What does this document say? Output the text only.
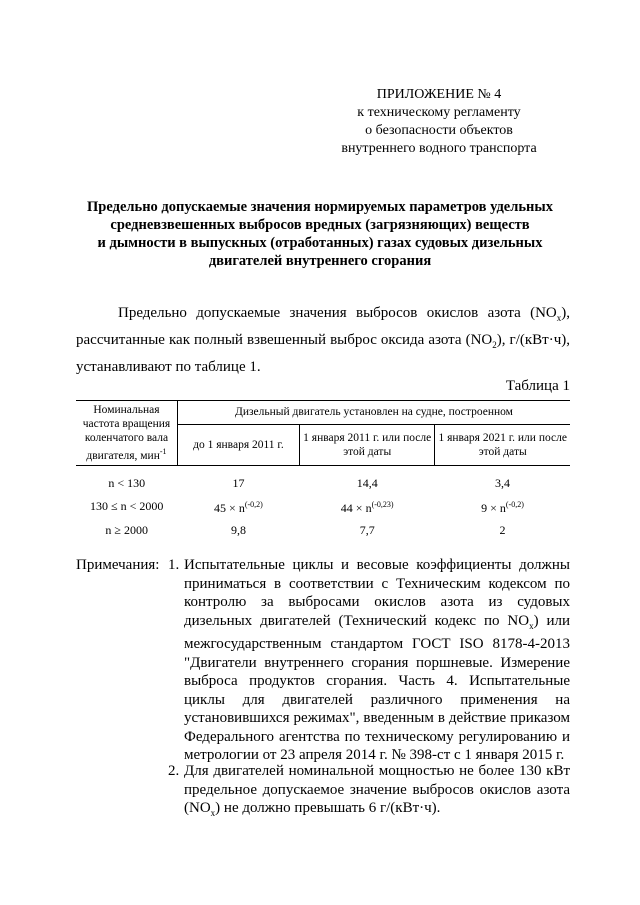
ПРИЛОЖЕНИЕ № 4
к техническому регламенту
о безопасности объектов
внутреннего водного транспорта
Предельно допускаемые значения нормируемых параметров удельных
средневзвешенных выбросов вредных (загрязняющих) веществ
и дымности в выпускных (отработанных) газах судовых дизельных
двигателей внутреннего сгорания

Предельно допускаемые значения выбросов окислов азота $(NO_x)$, рассчитанные как полный взвешенный выброс оксида азота $(NO_2)$, г/(кВт·ч), устанавливают по таблице 1.

Таблица 1
Номинальная частота вращения коленчатого вала двигателя, мин$^{-1}$	Дизельный двигатель установлен на судне, построенном		
	до 1 января 2011 г.	1 января 2011 г. или после этой даты	1 января 2021 г. или после этой даты
n < 130	17	14,4	3,4
130 ≤ n < 2000	$45 \times n^{(-0,2)}$	$44 \times n^{(-0,23)}$	$9 \times n^{(-0,2)}$
n ≥ 2000	9,8	7,7	2
Примечания: 1. Испытательные циклы и весовые коэффициенты должны приниматься в соответствии с Техническим кодексом по контролю за выбросами окислов азота из судовых дизельных двигателей (Технический кодекс по $NO_x$) или межгосударственным стандартом ГОСТ ISO 8178-4-2013 "Двигатели внутреннего сгорания поршневые. Измерение выброса продуктов сгорания. Часть 4. Испытательные циклы для двигателей различного применения на установившихся режимах", введенным в действие приказом Федерального агентства по техническому регулированию и метрологии от 23 апреля 2014 г. № 398-ст с 1 января 2015 г.
2. Для двигателей номинальной мощностью не более 130 кВт предельное допускаемое значение выбросов окислов азота $(NO_x)$ не должно превышать 6 г/(кВт·ч).
